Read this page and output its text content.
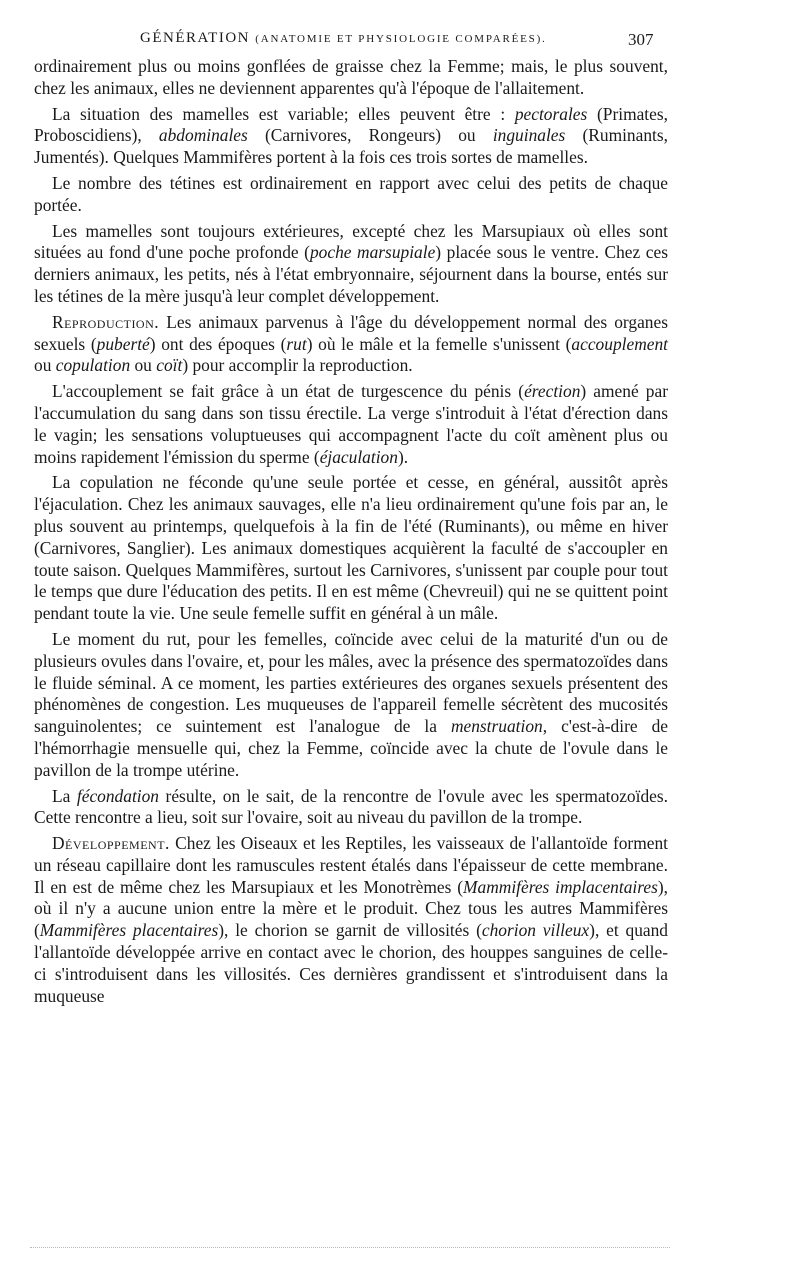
GÉNÉRATION (ANATOMIE ET PHYSIOLOGIE COMPARÉES).	307

ordinairement plus ou moins gonflées de graisse chez la Femme; mais, le plus souvent, chez les animaux, elles ne deviennent apparentes qu'à l'époque de l'allaitement.

La situation des mamelles est variable; elles peuvent être : pectorales (Primates, Proboscidiens), abdominales (Carnivores, Rongeurs) ou inguinales (Ruminants, Jumentés). Quelques Mammifères portent à la fois ces trois sortes de mamelles.

Le nombre des tétines est ordinairement en rapport avec celui des petits de chaque portée.

Les mamelles sont toujours extérieures, excepté chez les Marsupiaux où elles sont situées au fond d'une poche profonde (poche marsupiale) placée sous le ventre. Chez ces derniers animaux, les petits, nés à l'état embryonnaire, séjournent dans la bourse, entés sur les tétines de la mère jusqu'à leur complet développement.

Reproduction. Les animaux parvenus à l'âge du développement normal des organes sexuels (puberté) ont des époques (rut) où le mâle et la femelle s'unissent (accouplement ou copulation ou coït) pour accomplir la reproduction.

L'accouplement se fait grâce à un état de turgescence du pénis (érection) amené par l'accumulation du sang dans son tissu érectile. La verge s'introduit à l'état d'érection dans le vagin; les sensations voluptueuses qui accompagnent l'acte du coït amènent plus ou moins rapidement l'émission du sperme (éjaculation).

La copulation ne féconde qu'une seule portée et cesse, en général, aussitôt après l'éjaculation. Chez les animaux sauvages, elle n'a lieu ordinairement qu'une fois par an, le plus souvent au printemps, quelquefois à la fin de l'été (Ruminants), ou même en hiver (Carnivores, Sanglier). Les animaux domestiques acquièrent la faculté de s'accoupler en toute saison. Quelques Mammifères, surtout les Carnivores, s'unissent par couple pour tout le temps que dure l'éducation des petits. Il en est même (Chevreuil) qui ne se quittent point pendant toute la vie. Une seule femelle suffit en général à un mâle.

Le moment du rut, pour les femelles, coïncide avec celui de la maturité d'un ou de plusieurs ovules dans l'ovaire, et, pour les mâles, avec la présence des spermatozoïdes dans le fluide séminal. A ce moment, les parties extérieures des organes sexuels présentent des phénomènes de congestion. Les muqueuses de l'appareil femelle sécrètent des mucosités sanguinolentes; ce suintement est l'analogue de la menstruation, c'est-à-dire de l'hémorrhagie mensuelle qui, chez la Femme, coïncide avec la chute de l'ovule dans le pavillon de la trompe utérine.

La fécondation résulte, on le sait, de la rencontre de l'ovule avec les spermatozoïdes. Cette rencontre a lieu, soit sur l'ovaire, soit au niveau du pavillon de la trompe.

Développement. Chez les Oiseaux et les Reptiles, les vaisseaux de l'allantoïde forment un réseau capillaire dont les ramuscules restent étalés dans l'épaisseur de cette membrane. Il en est de même chez les Marsupiaux et les Monotrèmes (Mammifères implacentaires), où il n'y a aucune union entre la mère et le produit. Chez tous les autres Mammifères (Mammifères placentaires), le chorion se garnit de villosités (chorion villeux), et quand l'allantoïde développée arrive en contact avec le chorion, des houppes sanguines de celle-ci s'introduisent dans les villosités. Ces dernières grandissent et s'introduisent dans la muqueuse
